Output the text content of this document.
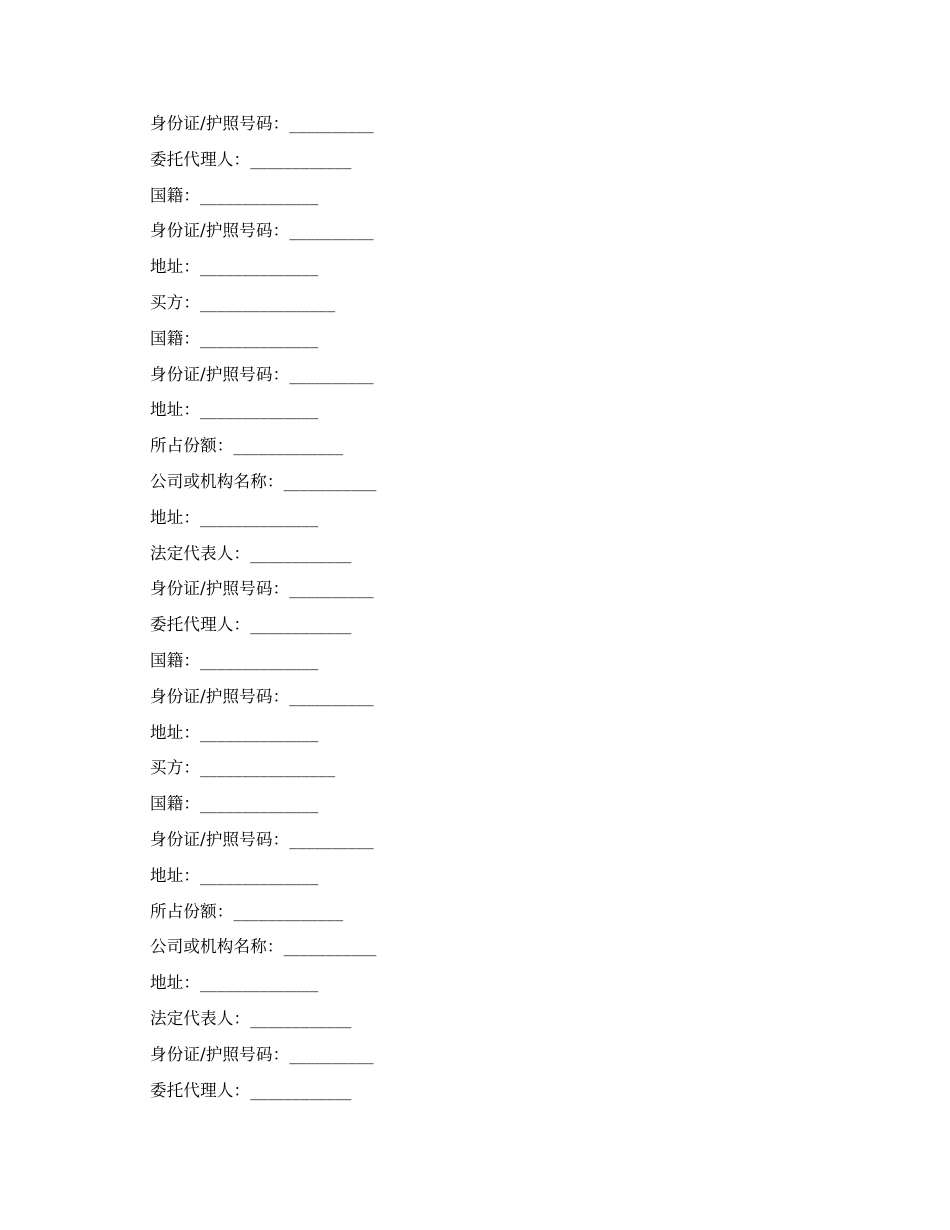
身份证/护照号码：__________
委托代理人：____________
国籍：______________
身份证/护照号码：__________
地址：______________
买方：________________
国籍：______________
身份证/护照号码：__________
地址：______________
所占份额：_____________
公司或机构名称：___________
地址：______________
法定代表人：____________
身份证/护照号码：__________
委托代理人：____________
国籍：______________
身份证/护照号码：__________
地址：______________
买方：________________
国籍：______________
身份证/护照号码：__________
地址：______________
所占份额：_____________
公司或机构名称：___________
地址：______________
法定代表人：____________
身份证/护照号码：__________
委托代理人：____________
